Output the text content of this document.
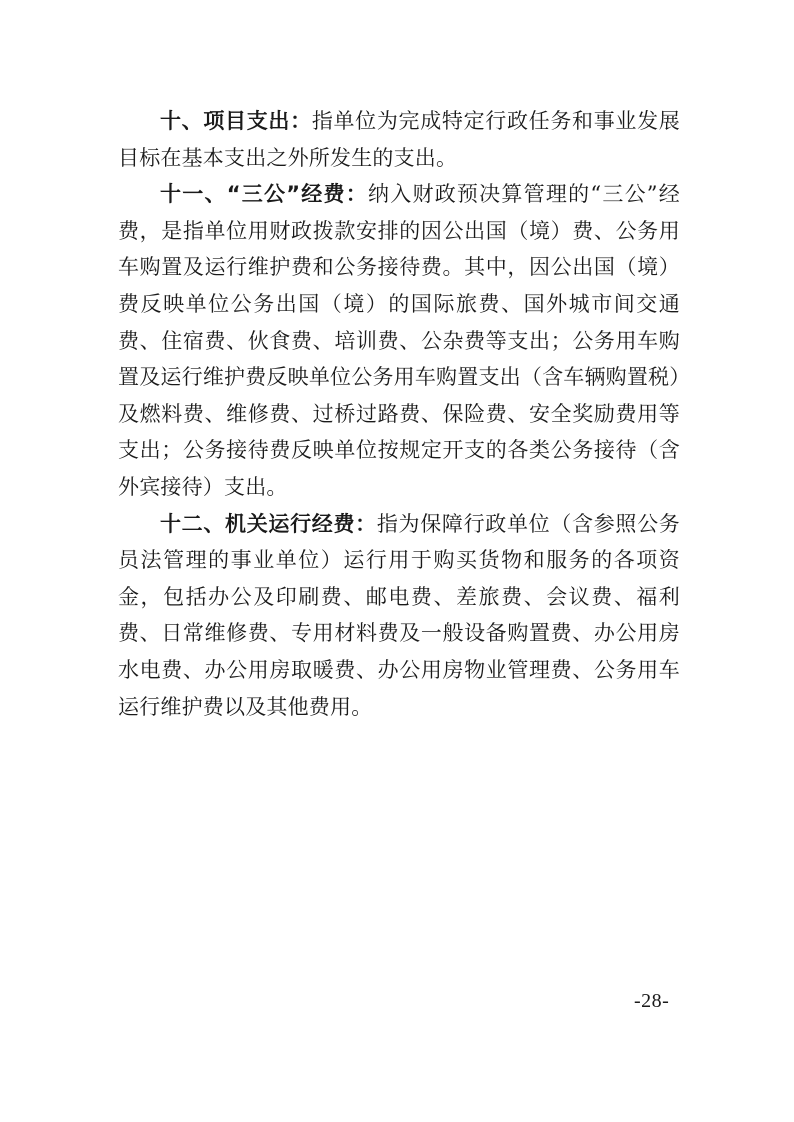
十、项目支出：指单位为完成特定行政任务和事业发展目标在基本支出之外所发生的支出。

十一、“三公”经费：纳入财政预决算管理的“三公”经费，是指单位用财政拨款安排的因公出国（境）费、公务用车购置及运行维护费和公务接待费。其中，因公出国（境）费反映单位公务出国（境）的国际旅费、国外城市间交通费、住宿费、伙食费、培训费、公杂费等支出；公务用车购置及运行维护费反映单位公务用车购置支出（含车辆购置税）及燃料费、维修费、过桥过路费、保险费、安全奖励费用等支出；公务接待费反映单位按规定开支的各类公务接待（含外宾接待）支出。

十二、机关运行经费：指为保障行政单位（含参照公务员法管理的事业单位）运行用于购买货物和服务的各项资金，包括办公及印刷费、邮电费、差旅费、会议费、福利费、日常维修费、专用材料费及一般设备购置费、办公用房水电费、办公用房取暖费、办公用房物业管理费、公务用车运行维护费以及其他费用。

-28-
